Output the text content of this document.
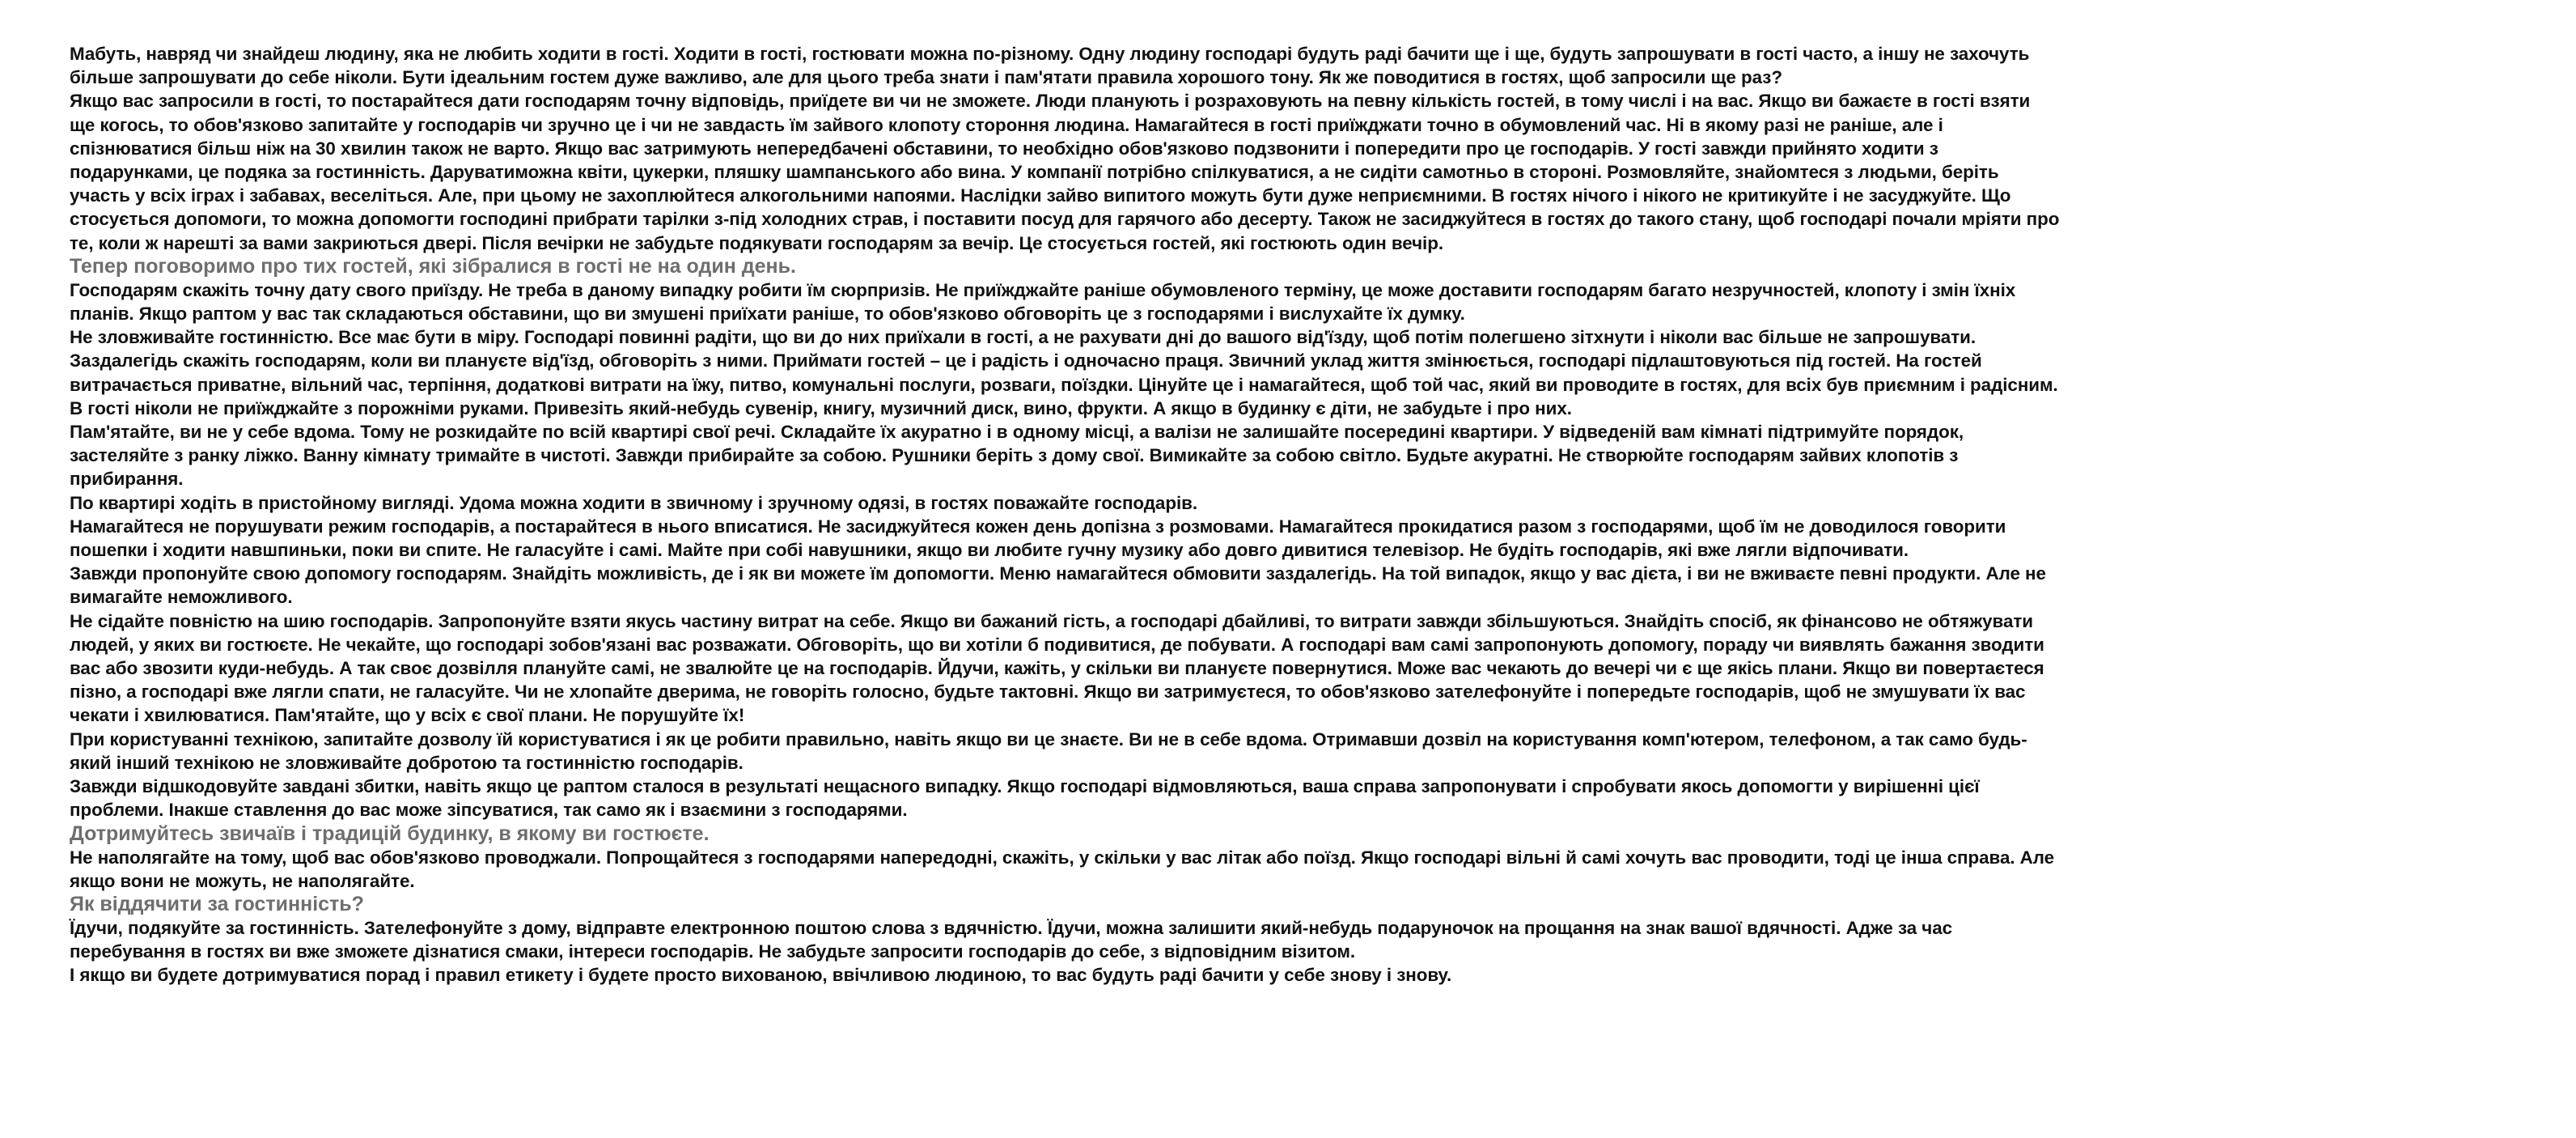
Мабуть, навряд чи знайдеш людину, яка не любить ходити в гості. Ходити в гості, гостювати можна по-різному. Одну людину господарі будуть раді бачити ще і ще, будуть запрошувати в гості часто, а іншу не захочуть більше запрошувати до себе ніколи. Бути ідеальним гостем дуже важливо, але для цього треба знати і пам'ятати правила хорошого тону. Як же поводитися в гостях, щоб запросили ще раз?

Якщо вас запросили в гості, то постарайтеся дати господарям точну відповідь, приїдете ви чи не зможете. Люди планують і розраховують на певну кількість гостей, в тому числі і на вас. Якщо ви бажаєте в гості взяти ще когось, то обов'язково запитайте у господарів чи зручно це і чи не завдасть їм зайвого клопоту стороння людина. Намагайтеся в гості приїжджати точно в обумовлений час. Ні в якому разі не раніше, але і спізнюватися більш ніж на 30 хвилин також не варто. Якщо вас затримують непередбачені обставини, то необхідно обов'язково подзвонити і попередити про це господарів. У гості завжди прийнято ходити з подарунками, це подяка за гостинність. Даруватиможна квіти, цукерки, пляшку шампанського або вина. У компанії потрібно спілкуватися, а не сидіти самотньо в стороні. Розмовляйте, знайомтеся з людьми, беріть участь у всіх іграх і забавах, веселіться. Але, при цьому не захоплюйтеся алкогольними напоями. Наслідки зайво випитого можуть бути дуже неприємними. В гостях нічого і нікого не критикуйте і не засуджуйте. Що стосується допомоги, то можна допомогти господині прибрати тарілки з-під холодних страв, і поставити посуд для гарячого або десерту. Також не засиджуйтеся в гостях до такого стану, щоб господарі почали мріяти про те, коли ж нарешті за вами закриються двері. Після вечірки не забудьте подякувати господарям за вечір. Це стосується гостей, які гостюють один вечір.

Тепер поговоримо про тих гостей, які зібралися в гості не на один день.

Господарям скажіть точну дату свого приїзду. Не треба в даному випадку робити їм сюрпризів. Не приїжджайте раніше обумовленого терміну, це може доставити господарям багато незручностей, клопоту і змін їхніх планів. Якщо раптом у вас так складаються обставини, що ви змушені приїхати раніше, то обов'язково обговоріть це з господарями і вислухайте їх думку.

Не зловживайте гостинністю. Все має бути в міру. Господарі повинні радіти, що ви до них приїхали в гості, а не рахувати дні до вашого від'їзду, щоб потім полегшено зітхнути і ніколи вас більше не запрошувати. Заздалегідь скажіть господарям, коли ви плануєте від'їзд, обговоріть з ними. Приймати гостей – це і радість і одночасно праця. Звичний уклад життя змінюється, господарі підлаштовуються під гостей. На гостей витрачається приватне, вільний час, терпіння, додаткові витрати на їжу, питво, комунальні послуги, розваги, поїздки. Цінуйте це і намагайтеся, щоб той час, який ви проводите в гостях, для всіх був приємним і радісним. В гості ніколи не приїжджайте з порожніми руками. Привезіть який-небудь сувенір, книгу, музичний диск, вино, фрукти. А якщо в будинку є діти, не забудьте і про них.

Пам'ятайте, ви не у себе вдома. Тому не розкидайте по всій квартирі свої речі. Складайте їх акуратно і в одному місці, а валізи не залишайте посередині квартири. У відведеній вам кімнаті підтримуйте порядок, застеляйте з ранку ліжко. Ванну кімнату тримайте в чистоті. Завжди прибирайте за собою. Рушники беріть з дому свої. Вимикайте за собою світло. Будьте акуратні. Не створюйте господарям зайвих клопотів з прибирання.

По квартирі ходіть в пристойному вигляді. Удома можна ходити в звичному і зручному одязі, в гостях поважайте господарів.

Намагайтеся не порушувати режим господарів, а постарайтеся в нього вписатися. Не засиджуйтеся кожен день допізна з розмовами. Намагайтеся прокидатися разом з господарями, щоб їм не доводилося говорити пошепки і ходити навшпиньки, поки ви спите. Не галасуйте і самі. Майте при собі навушники, якщо ви любите гучну музику або довго дивитися телевізор. Не будіть господарів, які вже лягли відпочивати.

Завжди пропонуйте свою допомогу господарям. Знайдіть можливість, де і як ви можете їм допомогти. Меню намагайтеся обмовити заздалегідь. На той випадок, якщо у вас дієта, і ви не вживаєте певні продукти. Але не вимагайте неможливого.

Не сідайте повністю на шию господарів. Запропонуйте взяти якусь частину витрат на себе. Якщо ви бажаний гість, а господарі дбайливі, то витрати завжди збільшуються. Знайдіть спосіб, як фінансово не обтяжувати людей, у яких ви гостюєте. Не чекайте, що господарі зобов'язані вас розважати. Обговоріть, що ви хотіли б подивитися, де побувати. А господарі вам самі запропонують допомогу, пораду чи виявлять бажання зводити вас або звозити куди-небудь. А так своє дозвілля плануйте самі, не звалюйте це на господарів. Йдучи, кажіть, у скільки ви плануєте повернутися. Може вас чекають до вечері чи є ще якісь плани. Якщо ви повертаєтеся пізно, а господарі вже лягли спати, не галасуйте. Чи не хлопайте дверима, не говоріть голосно, будьте тактовні. Якщо ви затримуєтеся, то обов'язково зателефонуйте і попередьте господарів, щоб не змушувати їх вас чекати і хвилюватися. Пам'ятайте, що у всіх є свої плани. Не порушуйте їх!

При користуванні технікою, запитайте дозволу їй користуватися і як це робити правильно, навіть якщо ви це знаєте. Ви не в себе вдома. Отримавши дозвіл на користування комп'ютером, телефоном, а так само будь-який інший технікою не зловживайте добротою та гостинністю господарів.

Завжди відшкодовуйте завдані збитки, навіть якщо це раптом сталося в результаті нещасного випадку. Якщо господарі відмовляються, ваша справа запропонувати і спробувати якось допомогти у вирішенні цієї проблеми. Інакше ставлення до вас може зіпсуватися, так само як і взаємини з господарями.

Дотримуйтесь звичаїв і традицій будинку, в якому ви гостюєте.

Не наполягайте на тому, щоб вас обов'язково проводжали. Попрощайтеся з господарями напередодні, скажіть, у скільки у вас літак або поїзд. Якщо господарі вільні й самі хочуть вас проводити, тоді це інша справа. Але якщо вони не можуть, не наполягайте.

Як віддячити за гостинність?

Їдучи, подякуйте за гостинність. Зателефонуйте з дому, відправте електронною поштою слова з вдячністю. Їдучи, можна залишити який-небудь подаруночок на прощання на знак вашої вдячності. Адже за час перебування в гостях ви вже зможете дізнатися смаки, інтереси господарів. Не забудьте запросити господарів до себе, з відповідним візитом.

І якщо ви будете дотримуватися порад і правил етикету і будете просто вихованою, ввічливою людиною, то вас будуть раді бачити у себе знову і знову.
